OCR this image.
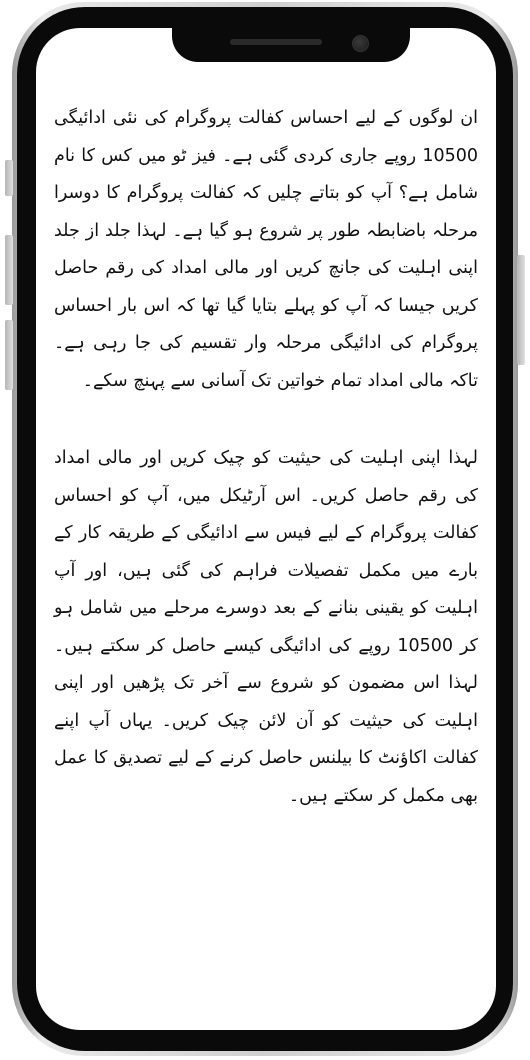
ان لوگوں کے لیے احساس کفالت پروگرام کی نئی ادائیگی 10500 روپے جاری کردی گئی ہے۔ فیز ٹو میں کس کا نام شامل ہے؟ آپ کو بتاتے چلیں کہ کفالت پروگرام کا دوسرا مرحلہ باضابطہ طور پر شروع ہو گیا ہے۔ لہذا جلد از جلد اپنی اہلیت کی جانچ کریں اور مالی امداد کی رقم حاصل کریں جیسا کہ آپ کو پہلے بتایا گیا تھا کہ اس بار احساس پروگرام کی ادائیگی مرحلہ وار تقسیم کی جا رہی ہے۔ تاکہ مالی امداد تمام خواتین تک آسانی سے پہنچ سکے۔

لہذا اپنی اہلیت کی حیثیت کو چیک کریں اور مالی امداد کی رقم حاصل کریں۔ اس آرٹیکل میں، آپ کو احساس کفالت پروگرام کے لیے فیس سے ادائیگی کے طریقہ کار کے بارے میں مکمل تفصیلات فراہم کی گئی ہیں، اور آپ اہلیت کو یقینی بنانے کے بعد دوسرے مرحلے میں شامل ہو کر 10500 روپے کی ادائیگی کیسے حاصل کر سکتے ہیں۔ لہذا اس مضمون کو شروع سے آخر تک پڑھیں اور اپنی اہلیت کی حیثیت کو آن لائن چیک کریں۔ یہاں آپ اپنے کفالت اکاؤنٹ کا بیلنس حاصل کرنے کے لیے تصدیق کا عمل بھی مکمل کر سکتے ہیں۔
